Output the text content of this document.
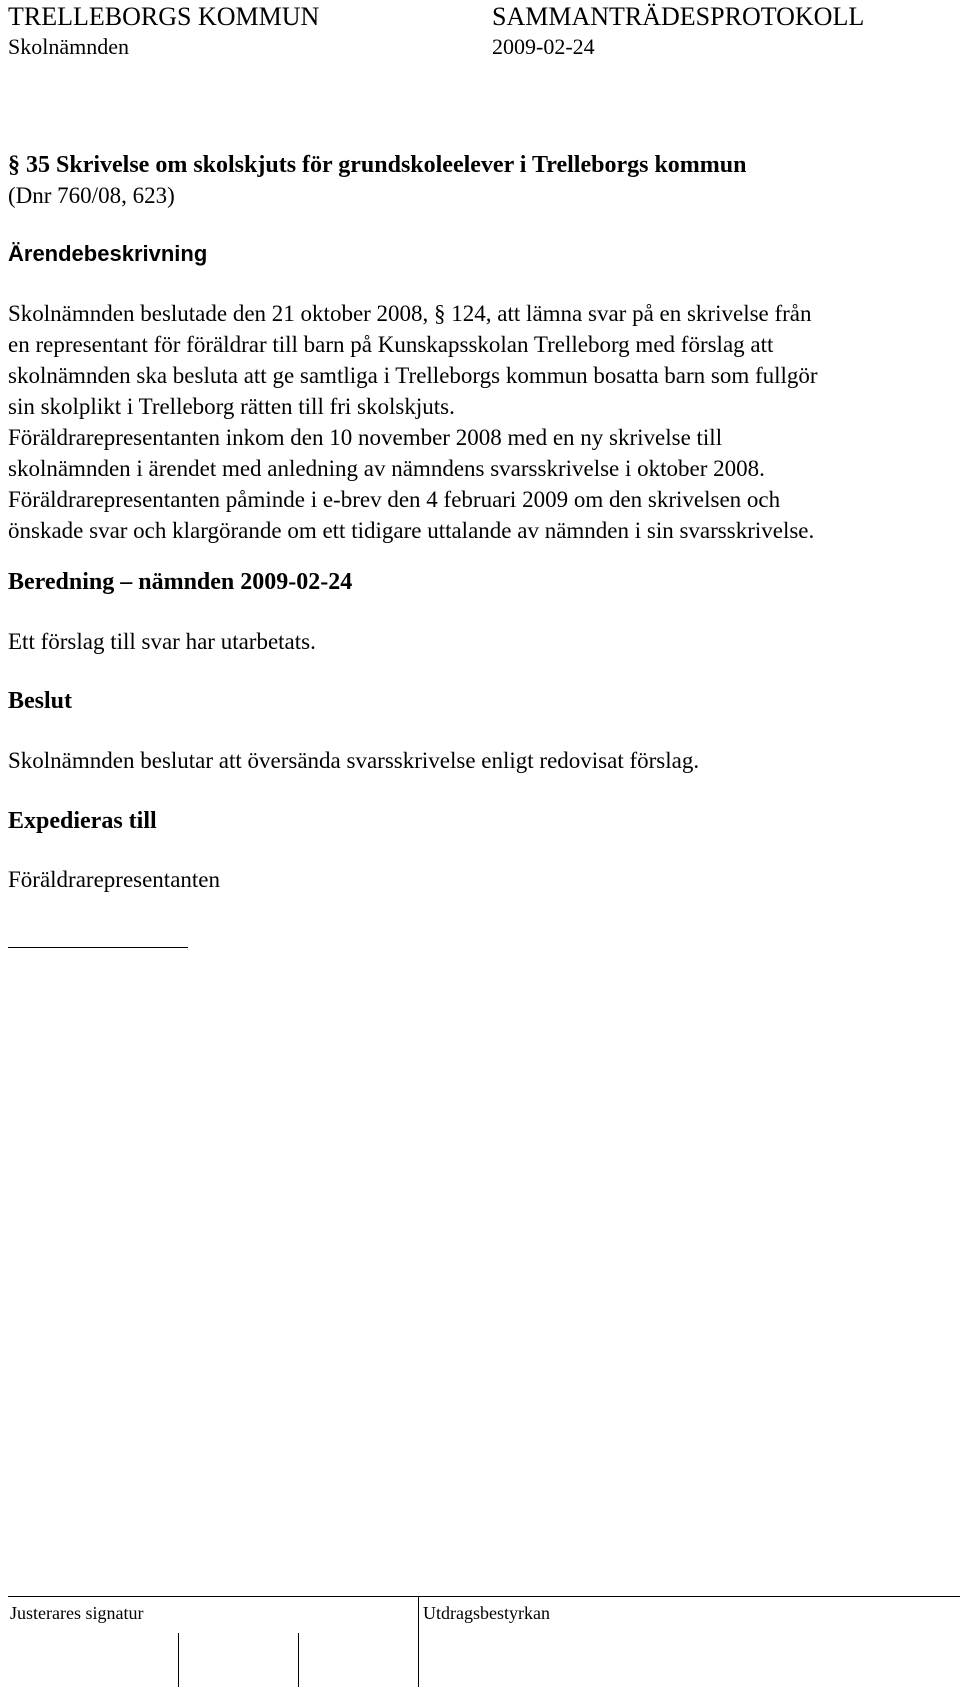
TRELLEBORGS KOMMUN	SAMMANTRÄDESPROTOKOLL
Skolnämnden	2009-02-24
§ 35 Skrivelse om skolskjuts för grundskoleelever i Trelleborgs kommun
(Dnr 760/08, 623)
Ärendebeskrivning
Skolnämnden beslutade den 21 oktober 2008, § 124, att lämna svar på en skrivelse från
en representant för föräldrar till barn på Kunskapsskolan Trelleborg med förslag att
skolnämnden ska besluta att ge samtliga i Trelleborgs kommun bosatta barn som fullgör
sin skolplikt i Trelleborg rätten till fri skolskjuts.
Föräldrarepresentanten inkom den 10 november 2008 med en ny skrivelse till
skolnämnden i ärendet med anledning av nämndens svarsskrivelse i oktober 2008.
Föräldrarepresentanten påminde i e-brev den 4 februari 2009 om den skrivelsen och
önskade svar och klargörande om ett tidigare uttalande av nämnden i sin svarsskrivelse.
Beredning – nämnden 2009-02-24
Ett förslag till svar har utarbetats.
Beslut
Skolnämnden beslutar att översända svarsskrivelse enligt redovisat förslag.
Expedieras till
Föräldrarepresentanten
Justerares signatur	Utdragsbestyrkan
